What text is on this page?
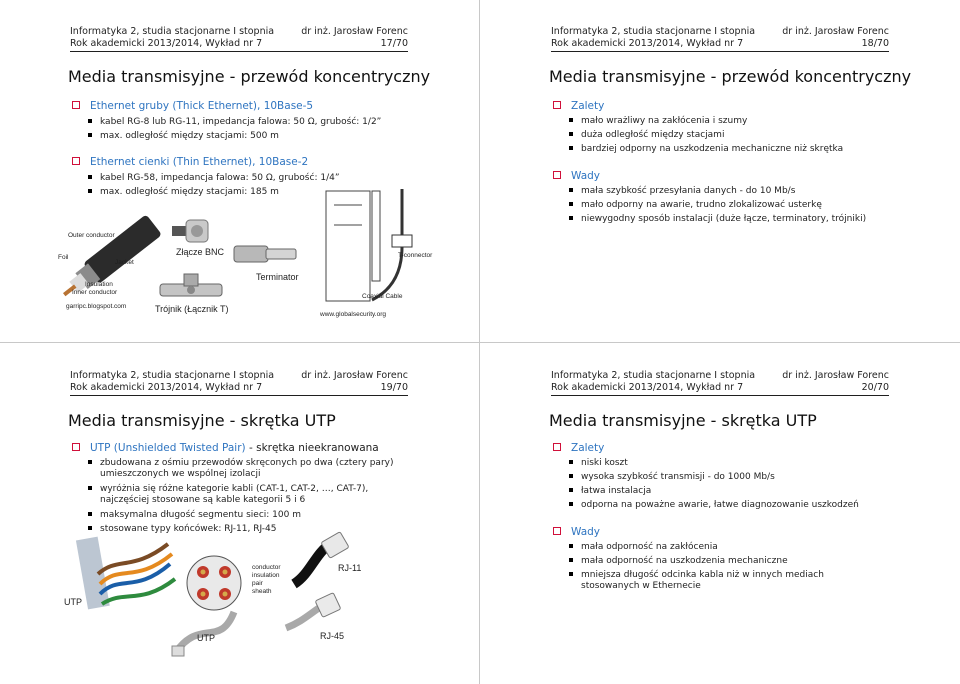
Informatyka 2, studia stacjonarne I stopnia
Rok akademicki 2013/2014, Wykład nr 7
dr inż. Jarosław Forenc
17/70
Media transmisyjne - przewód koncentryczny
Ethernet gruby (Thick Ethernet), 10Base-5
kabel RG-8 lub RG-11, impedancja falowa: 50 Ω, grubość: 1/2”
max. odległość między stacjami: 500 m
Ethernet cienki (Thin Ethernet), 10Base-2
kabel RG-58, impedancja falowa: 50 Ω, grubość: 1/4”
max. odległość między stacjami: 185 m
Outer conductor
Foil
Jacket
Insulation
Inner conductor
garripc.blogspot.com
Złącze BNC
Terminator
Trójnik (Łącznik T)
T-connector
Coaxial Cable
www.globalsecurity.org
Informatyka 2, studia stacjonarne I stopnia
Rok akademicki 2013/2014, Wykład nr 7
dr inż. Jarosław Forenc
18/70
Media transmisyjne - przewód koncentryczny
Zalety
mało wrażliwy na zakłócenia i szumy
duża odległość między stacjami
bardziej odporny na uszkodzenia mechaniczne niż skrętka
Wady
mała szybkość przesyłania danych - do 10 Mb/s
mało odporny na awarie, trudno zlokalizować usterkę
niewygodny sposób instalacji (duże łącze, terminatory, trójniki)
Informatyka 2, studia stacjonarne I stopnia
Rok akademicki 2013/2014, Wykład nr 7
dr inż. Jarosław Forenc
19/70
Media transmisyjne - skrętka UTP
UTP (Unshielded Twisted Pair) - skrętka nieekranowana
zbudowana z ośmiu przewodów skręconych po dwa (cztery pary)
umieszczonych we wspólnej izolacji
wyróżnia się różne kategorie kabli (CAT-1, CAT-2, …, CAT-7),
najczęściej stosowane są kable kategorii 5 i 6
maksymalna długość segmentu sieci: 100 m
stosowane typy końcówek: RJ-11, RJ-45
UTP
conductor
insulation
pair
sheath
RJ-11
UTP	RJ-45
Informatyka 2, studia stacjonarne I stopnia
Rok akademicki 2013/2014, Wykład nr 7
dr inż. Jarosław Forenc
20/70
Media transmisyjne - skrętka UTP
Zalety
niski koszt
wysoka szybkość transmisji - do 1000 Mb/s
łatwa instalacja
odporna na poważne awarie, łatwe diagnozowanie uszkodzeń
Wady
mała odporność na zakłócenia
mała odporność na uszkodzenia mechaniczne
mniejsza długość odcinka kabla niż w innych mediach
stosowanych w Ethernecie
